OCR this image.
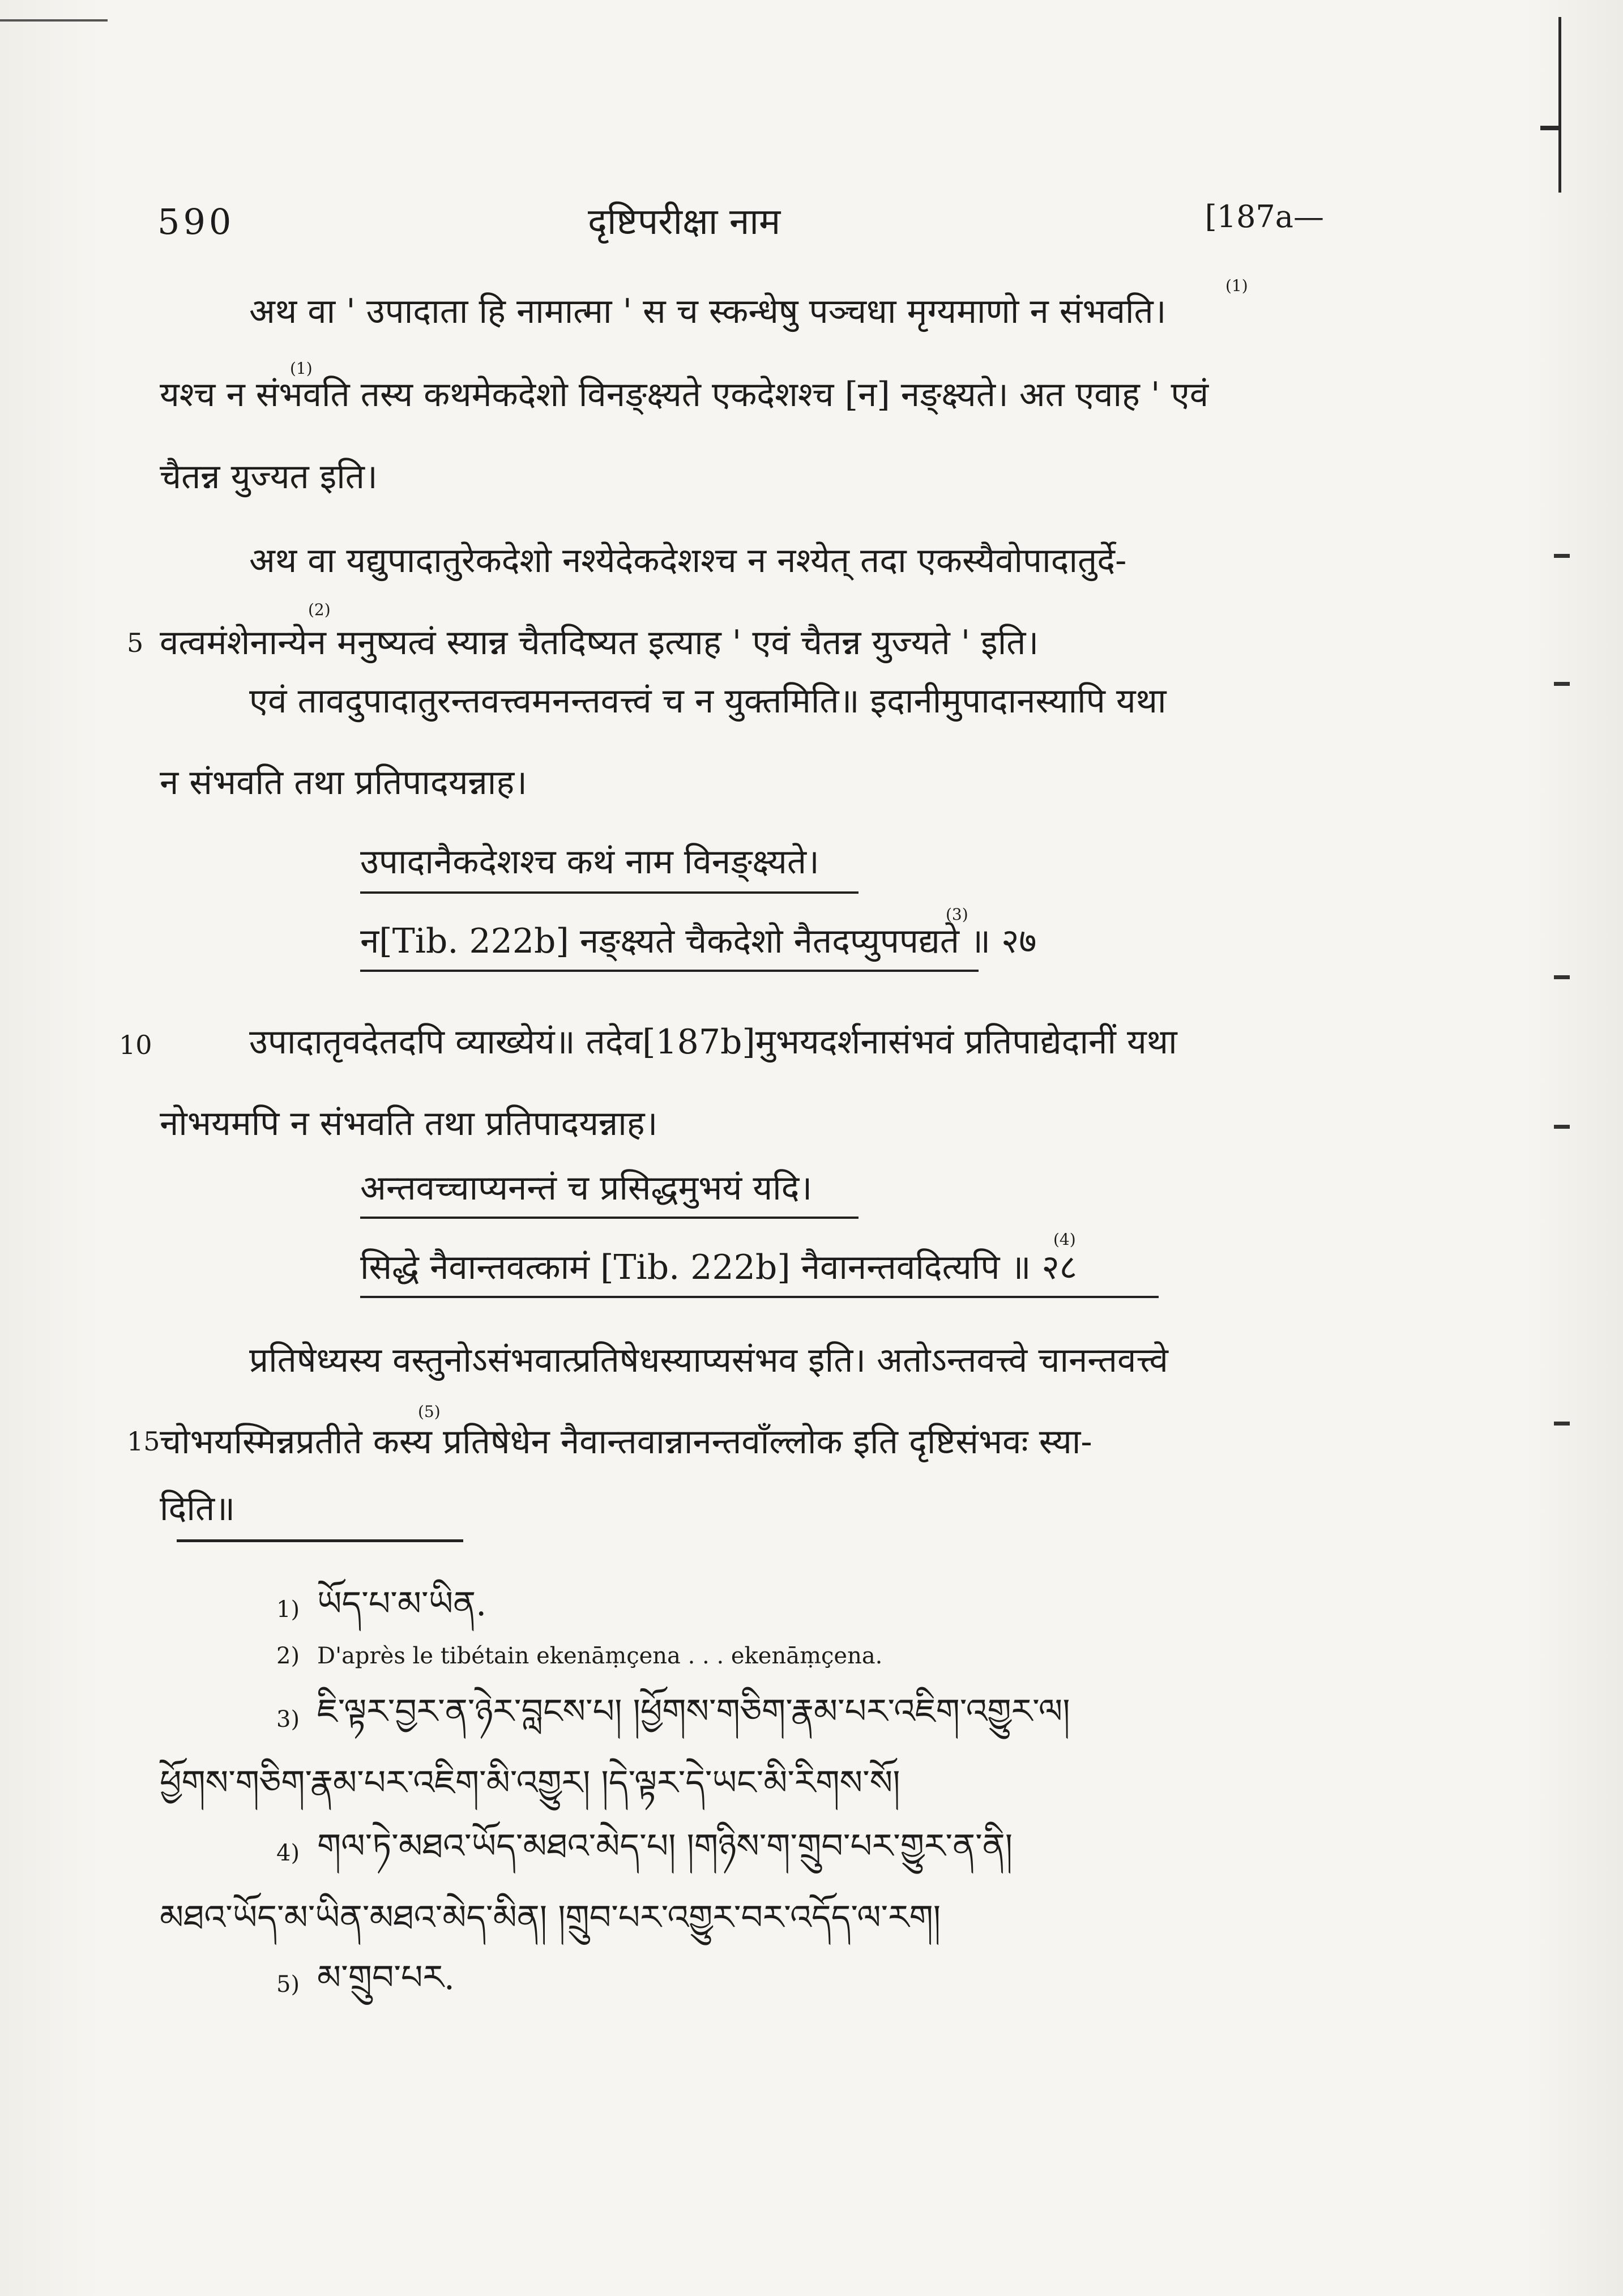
590	दृष्टिपरीक्षा नाम	[187a—
अथ वा ' उपादाता हि नामात्मा ' स च स्कन्धेषु पञ्चधा मृग्यमाणो न संभवति।
(1)
यश्च न संभवति तस्य कथमेकदेशो विनङ्क्ष्यते एकदेशश्च [न] नङ्क्ष्यते। अत एवाह ' एवं
(1)
चैतन्न युज्यत इति।
अथ वा यद्युपादातुरेकदेशो नश्येदेकदेशश्च न नश्येत् तदा एकस्यैवोपादातुर्दे-
5 वत्वमंशेनान्येन मनुष्यत्वं स्यान्न चैतदिष्यत इत्याह ' एवं चैतन्न युज्यते ' इति।
(2)
एवं तावदुपादातुरन्तवत्त्वमनन्तवत्त्वं च न युक्तमिति॥ इदानीमुपादानस्यापि यथा
न संभवति तथा प्रतिपादयन्नाह।
उपादानैकदेशश्च कथं नाम विनङ्क्ष्यते।
न[Tib. 222b] नङ्क्ष्यते चैकदेशो नैतदप्युपपद्यते ॥ २७
(3)
10	उपादातृवदेतदपि व्याख्येयं॥ तदेव[187b]मुभयदर्शनासंभवं प्रतिपाद्येदानीं यथा
नोभयमपि न संभवति तथा प्रतिपादयन्नाह।
अन्तवच्चाप्यनन्तं च प्रसिद्धमुभयं यदि।
सिद्धे नैवान्तवत्कामं [Tib. 222b] नैवानन्तवदित्यपि ॥ २८
(4)
प्रतिषेध्यस्य वस्तुनोऽसंभवात्प्रतिषेधस्याप्यसंभव इति। अतोऽन्तवत्त्वे चानन्तवत्त्वे
15 चोभयस्मिन्नप्रतीते कस्य प्रतिषेधेन नैवान्तवान्नानन्तवाँल्लोक इति दृष्टिसंभवः स्या-
(5)
दिति॥
1) ཡོད་པ་མ་ཡིན.
2) D'après le tibétain ekenāṃçena . . . ekenāṃçena.
3) ཇི་ལྟར་བྱར་ན་ཉེར་བླངས་པ། །ཕྱོགས་གཅིག་རྣམ་པར་འཇིག་འགྱུར་ལ།
ཕྱོགས་གཅིག་རྣམ་པར་འཇིག་མི་འགྱུར། །དེ་ལྟར་དེ་ཡང་མི་རིགས་སོ།
4) གལ་ཏེ་མཐའ་ཡོད་མཐའ་མེད་པ། །གཉིས་ག་གྲུབ་པར་གྱུར་ན་ནི།
མཐའ་ཡོད་མ་ཡིན་མཐའ་མེད་མིན། །གྲུབ་པར་འགྱུར་བར་འདོད་ལ་རག།
5) མ་གྲུབ་པར.
